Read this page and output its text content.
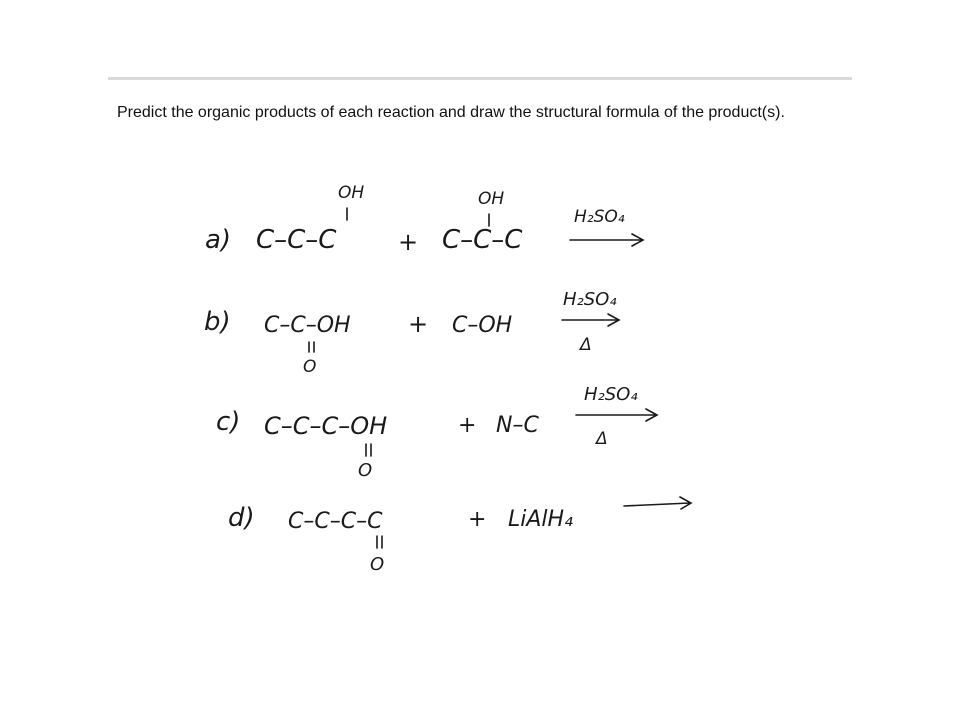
Predict the organic products of each reaction and draw the structural formula of the product(s).
a)
OH
C–C–C	+
OH
C–C–C
H₂SO₄
b) C–C–OH
O
+ C–OH
H₂SO₄
Δ
c) C–C–C–OH
O
+ N–C
H₂SO₄
Δ
d) C–C–C–C
O
+ LiAlH₄
